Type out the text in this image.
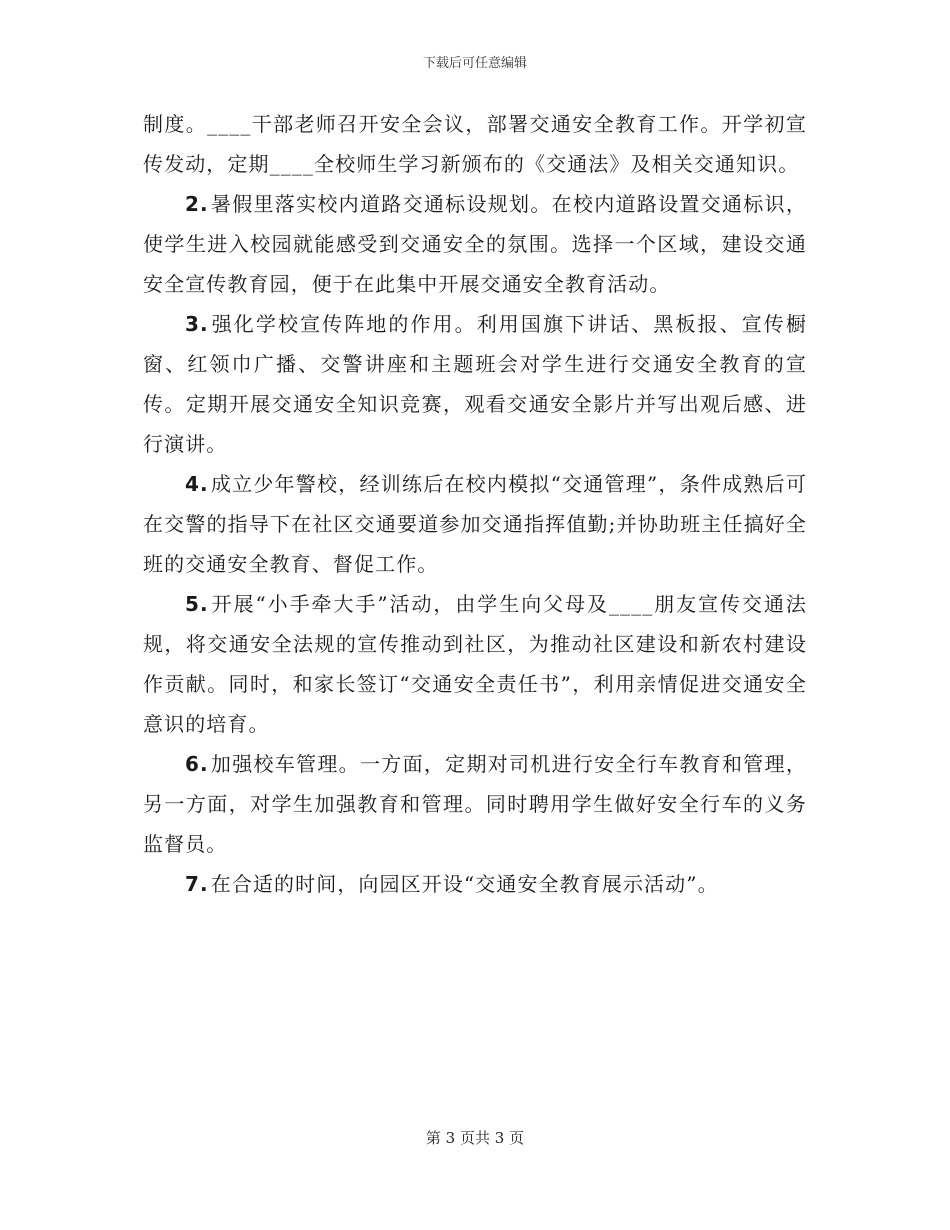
下载后可任意编辑

制度。____干部老师召开安全会议，部署交通安全教育工作。开学初宣传发动，定期____全校师生学习新颁布的《交通法》及相关交通知识。

2. 暑假里落实校内道路交通标设规划。在校内道路设置交通标识，使学生进入校园就能感受到交通安全的氛围。选择一个区域，建设交通安全宣传教育园，便于在此集中开展交通安全教育活动。

3. 强化学校宣传阵地的作用。利用国旗下讲话、黑板报、宣传橱窗、红领巾广播、交警讲座和主题班会对学生进行交通安全教育的宣传。定期开展交通安全知识竞赛，观看交通安全影片并写出观后感、进行演讲。

4. 成立少年警校，经训练后在校内模拟“交通管理”，条件成熟后可在交警的指导下在社区交通要道参加交通指挥值勤;并协助班主任搞好全班的交通安全教育、督促工作。

5. 开展“小手牵大手”活动，由学生向父母及____朋友宣传交通法规，将交通安全法规的宣传推动到社区，为推动社区建设和新农村建设作贡献。同时，和家长签订“交通安全责任书”，利用亲情促进交通安全意识的培育。

6. 加强校车管理。一方面，定期对司机进行安全行车教育和管理，另一方面，对学生加强教育和管理。同时聘用学生做好安全行车的义务监督员。

7. 在合适的时间，向园区开设“交通安全教育展示活动”。

第 3 页共 3 页
